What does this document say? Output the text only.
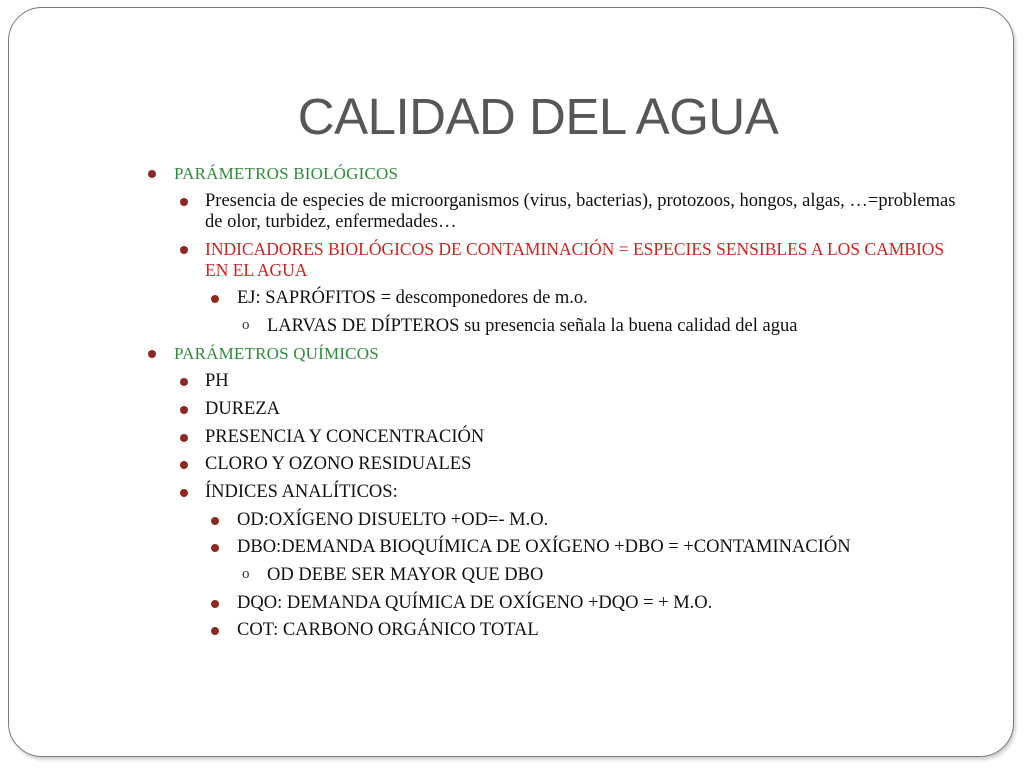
CALIDAD DEL AGUA
PARÁMETROS BIOLÓGICOS
Presencia de especies de microorganismos (virus, bacterias), protozoos, hongos, algas, …=problemas de olor, turbidez, enfermedades…
INDICADORES BIOLÓGICOS DE CONTAMINACIÓN = ESPECIES SENSIBLES A LOS CAMBIOS EN EL AGUA
EJ: SAPRÓFITOS = descomponedores de m.o.
o LARVAS DE DÍPTEROS su presencia señala la buena calidad del agua
PARÁMETROS QUÍMICOS
PH
DUREZA
PRESENCIA Y CONCENTRACIÓN
CLORO Y OZONO RESIDUALES
ÍNDICES ANALÍTICOS:
OD:OXÍGENO DISUELTO +OD=- M.O.
DBO:DEMANDA BIOQUÍMICA DE OXÍGENO +DBO = +CONTAMINACIÓN
o OD DEBE SER MAYOR QUE DBO
DQO: DEMANDA QUÍMICA DE OXÍGENO +DQO = + M.O.
COT: CARBONO ORGÁNICO TOTAL
